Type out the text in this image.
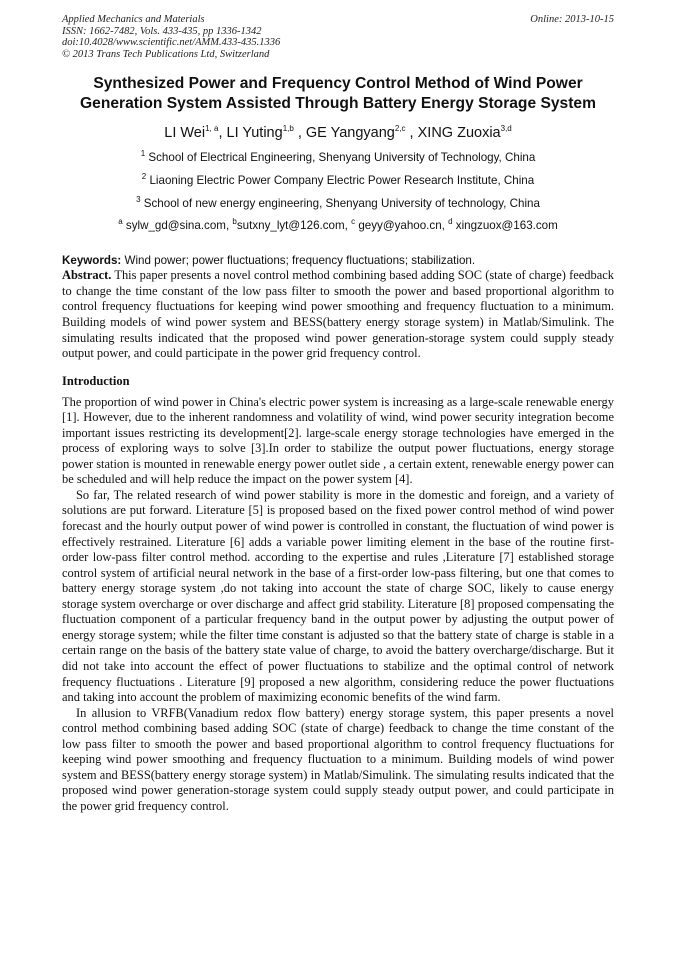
Applied Mechanics and Materials
ISSN: 1662-7482, Vols. 433-435, pp 1336-1342
doi:10.4028/www.scientific.net/AMM.433-435.1336
© 2013 Trans Tech Publications Ltd, Switzerland
Online: 2013-10-15
Synthesized Power and Frequency Control Method of Wind Power Generation System Assisted Through Battery Energy Storage System
LI Wei$^{1, a}$, LI Yuting$^{1,b}$ , GE Yangyang$^{2,c}$ , XING Zuoxia$^{3,d}$
$^1$ School of Electrical Engineering, Shenyang University of Technology, China
$^2$ Liaoning Electric Power Company Electric Power Research Institute, China
$^3$ School of new energy engineering, Shenyang University of technology, China
$^a$ sylw_gd@sina.com, $^b$sutxny_lyt@126.com, $^c$ geyy@yahoo.cn, $^d$ xingzuox@163.com
Keywords: Wind power; power fluctuations; frequency fluctuations; stabilization.

Abstract. This paper presents a novel control method combining based adding SOC (state of charge) feedback to change the time constant of the low pass filter to smooth the power and based proportional algorithm to control frequency fluctuations for keeping wind power smoothing and frequency fluctuation to a minimum. Building models of wind power system and BESS(battery energy storage system) in Matlab/Simulink. The simulating results indicated that the proposed wind power generation-storage system could supply steady output power, and could participate in the power grid frequency control.

Introduction

The proportion of wind power in China's electric power system is increasing as a large-scale renewable energy [1]. However, due to the inherent randomness and volatility of wind, wind power security integration become important issues restricting its development[2]. large-scale energy storage technologies have emerged in the process of exploring ways to solve [3].In order to stabilize the output power fluctuations, energy storage power station is mounted in renewable energy power outlet side , a certain extent, renewable energy power can be scheduled and will help reduce the impact on the power system [4].

So far, The related research of wind power stability is more in the domestic and foreign, and a variety of solutions are put forward. Literature [5] is proposed based on the fixed power control method of wind power forecast and the hourly output power of wind power is controlled in constant, the fluctuation of wind power is effectively restrained. Literature [6] adds a variable power limiting element in the base of the routine first-order low-pass filter control method. according to the expertise and rules ,Literature [7] established storage control system of artificial neural network in the base of a first-order low-pass filtering, but one that comes to battery energy storage system ,do not taking into account the state of charge SOC, likely to cause energy storage system overcharge or over discharge and affect grid stability. Literature [8] proposed compensating the fluctuation component of a particular frequency band in the output power by adjusting the output power of energy storage system; while the filter time constant is adjusted so that the battery state of charge is stable in a certain range on the basis of the battery state value of charge, to avoid the battery overcharge/discharge. But it did not take into account the effect of power fluctuations to stabilize and the optimal control of network frequency fluctuations . Literature [9] proposed a new algorithm, considering reduce the power fluctuations and taking into account the problem of maximizing economic benefits of the wind farm.

In allusion to VRFB(Vanadium redox flow battery) energy storage system, this paper presents a novel control method combining based adding SOC (state of charge) feedback to change the time constant of the low pass filter to smooth the power and based proportional algorithm to control frequency fluctuations for keeping wind power smoothing and frequency fluctuation to a minimum. Building models of wind power system and BESS(battery energy storage system) in Matlab/Simulink. The simulating results indicated that the proposed wind power generation-storage system could supply steady output power, and could participate in the power grid frequency control.
